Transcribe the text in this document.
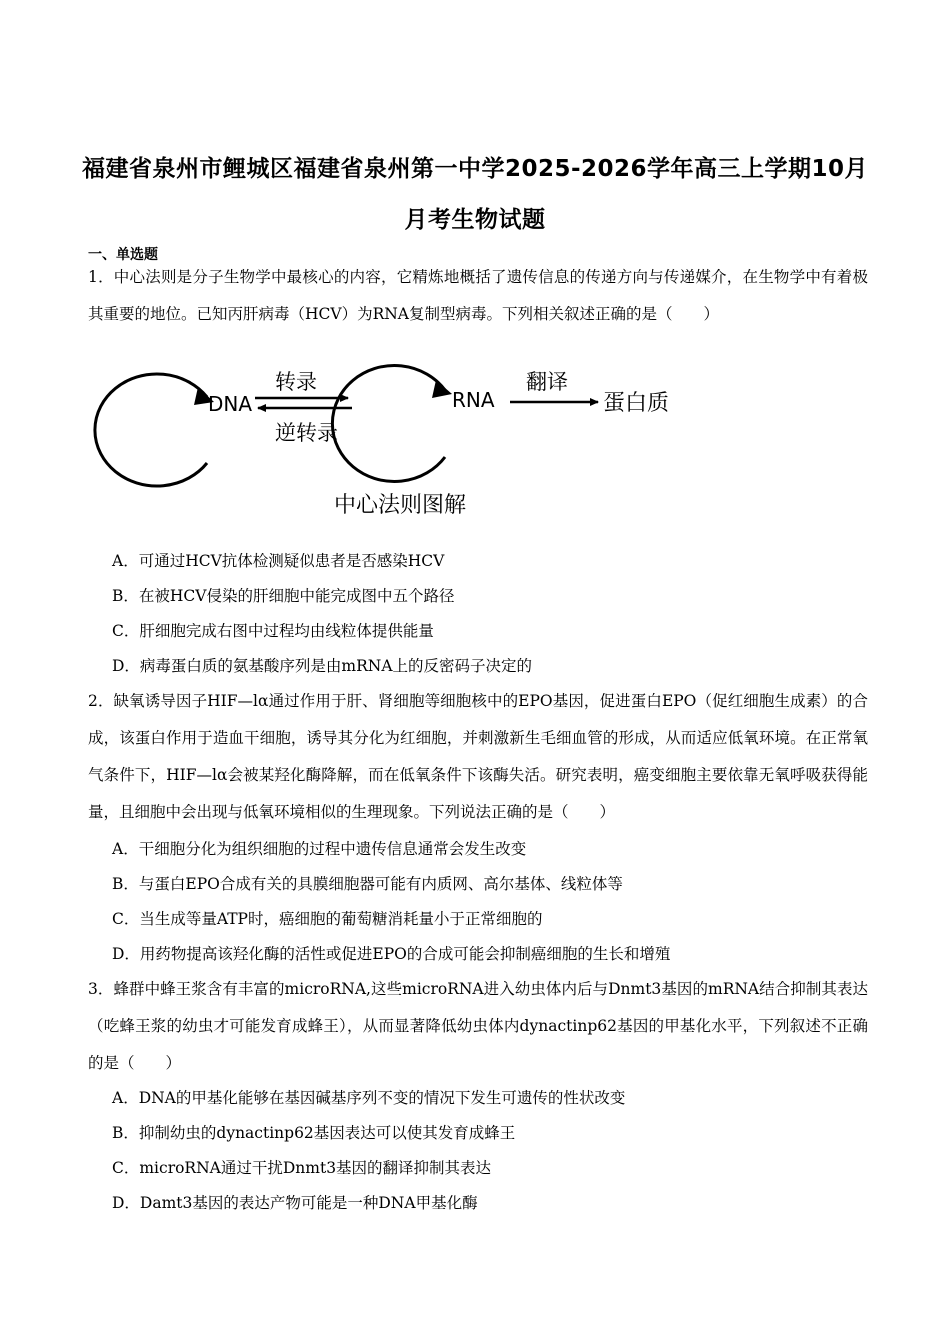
福建省泉州市鲤城区福建省泉州第一中学2025-2026学年高三上学期10月
月考生物试题
一、单选题
1．中心法则是分子生物学中最核心的内容，它精炼地概括了遗传信息的传递方向与传递媒介，在生物学中有着极其重要的地位。已知丙肝病毒（HCV）为RNA复制型病毒。下列相关叙述正确的是（　　）
DNA
转录
逆转录
RNA
翻译
蛋白质
中心法则图解
A．可通过HCV抗体检测疑似患者是否感染HCV
B．在被HCV侵染的肝细胞中能完成图中五个路径
C．肝细胞完成右图中过程均由线粒体提供能量
D．病毒蛋白质的氨基酸序列是由mRNA上的反密码子决定的
2．缺氧诱导因子HIF—lα通过作用于肝、肾细胞等细胞核中的EPO基因，促进蛋白EPO（促红细胞生成素）的合成，该蛋白作用于造血干细胞，诱导其分化为红细胞，并刺激新生毛细血管的形成，从而适应低氧环境。在正常氧气条件下，HIF—lα会被某羟化酶降解，而在低氧条件下该酶失活。研究表明，癌变细胞主要依靠无氧呼吸获得能量，且细胞中会出现与低氧环境相似的生理现象。下列说法正确的是（　　）
A．干细胞分化为组织细胞的过程中遗传信息通常会发生改变
B．与蛋白EPO合成有关的具膜细胞器可能有内质网、高尔基体、线粒体等
C．当生成等量ATP时，癌细胞的葡萄糖消耗量小于正常细胞的
D．用药物提高该羟化酶的活性或促进EPO的合成可能会抑制癌细胞的生长和增殖
3．蜂群中蜂王浆含有丰富的microRNA,这些microRNA进入幼虫体内后与Dnmt3基因的mRNA结合抑制其表达（吃蜂王浆的幼虫才可能发育成蜂王），从而显著降低幼虫体内dynactinp62基因的甲基化水平，下列叙述不正确的是（　　）
A．DNA的甲基化能够在基因碱基序列不变的情况下发生可遗传的性状改变
B．抑制幼虫的dynactinp62基因表达可以使其发育成蜂王
C．microRNA通过干扰Dnmt3基因的翻译抑制其表达
D．Damt3基因的表达产物可能是一种DNA甲基化酶
